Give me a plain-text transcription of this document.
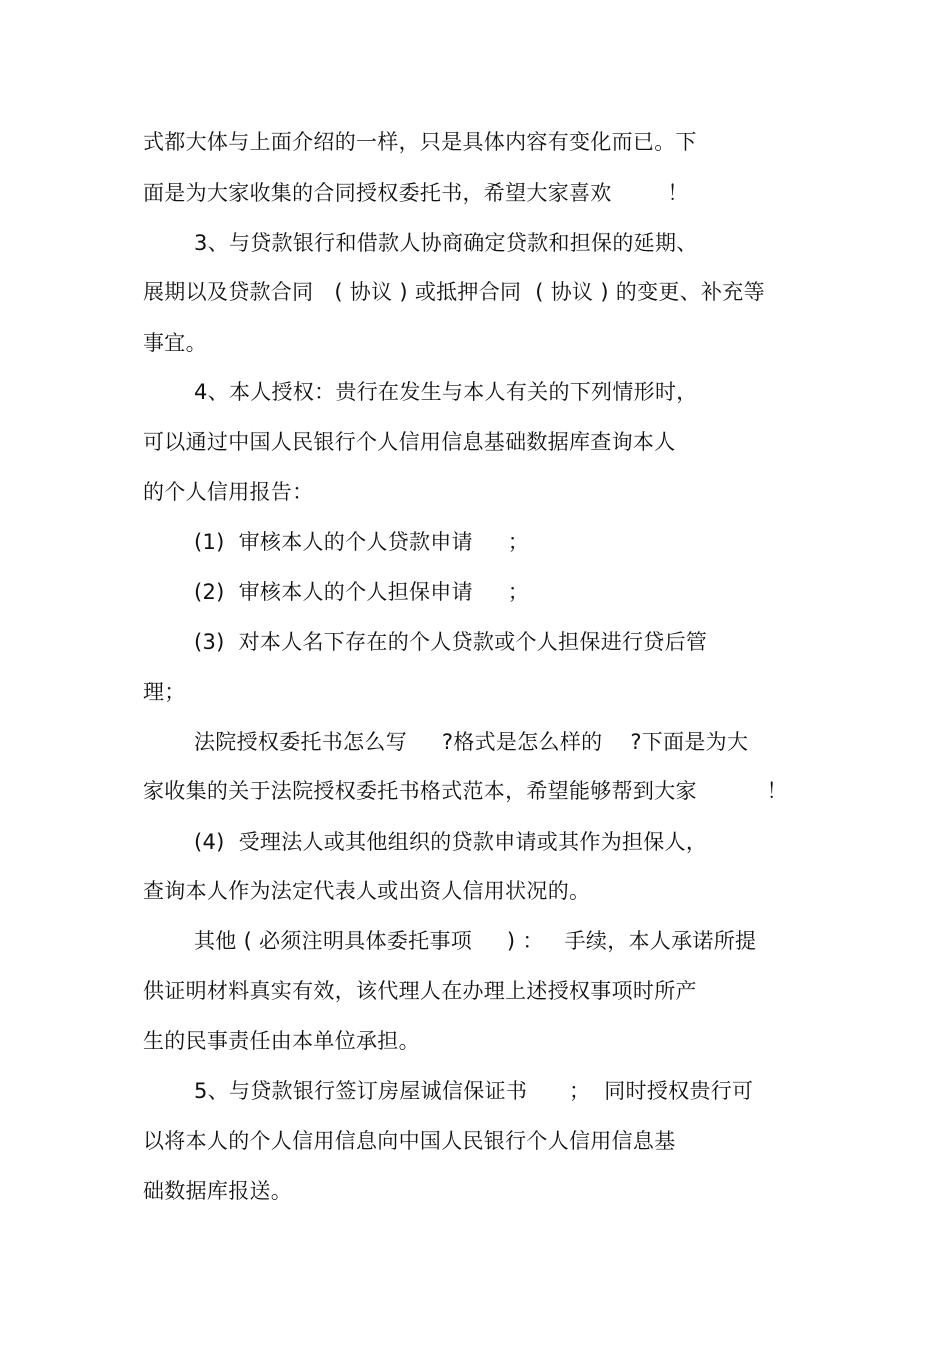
式都大体与上面介绍的一样，只是具体内容有变化而已。下
面是为大家收集的合同授权委托书，希望大家喜欢        ！
3、与贷款银行和借款人协商确定贷款和担保的延期、
展期以及贷款合同   ( 协议 ) 或抵押合同  ( 协议 ) 的变更、补充等
事宜。
4、本人授权：贵行在发生与本人有关的下列情形时，
可以通过中国人民银行个人信用信息基础数据库查询本人
的个人信用报告：
(1)  审核本人的个人贷款申请     ；
(2)  审核本人的个人担保申请     ；
(3)  对本人名下存在的个人贷款或个人担保进行贷后管
理；
法院授权委托书怎么写     ?格式是怎么样的    ?下面是为大
家收集的关于法院授权委托书格式范本，希望能够帮到大家          ！
(4)  受理法人或其他组织的贷款申请或其作为担保人，
查询本人作为法定代表人或出资人信用状况的。
其他 ( 必须注明具体委托事项     ) ：   手续，本人承诺所提
供证明材料真实有效，该代理人在办理上述授权事项时所产
生的民事责任由本单位承担。
5、与贷款银行签订房屋诚信保证书      ；  同时授权贵行可
以将本人的个人信用信息向中国人民银行个人信用信息基
础数据库报送。
